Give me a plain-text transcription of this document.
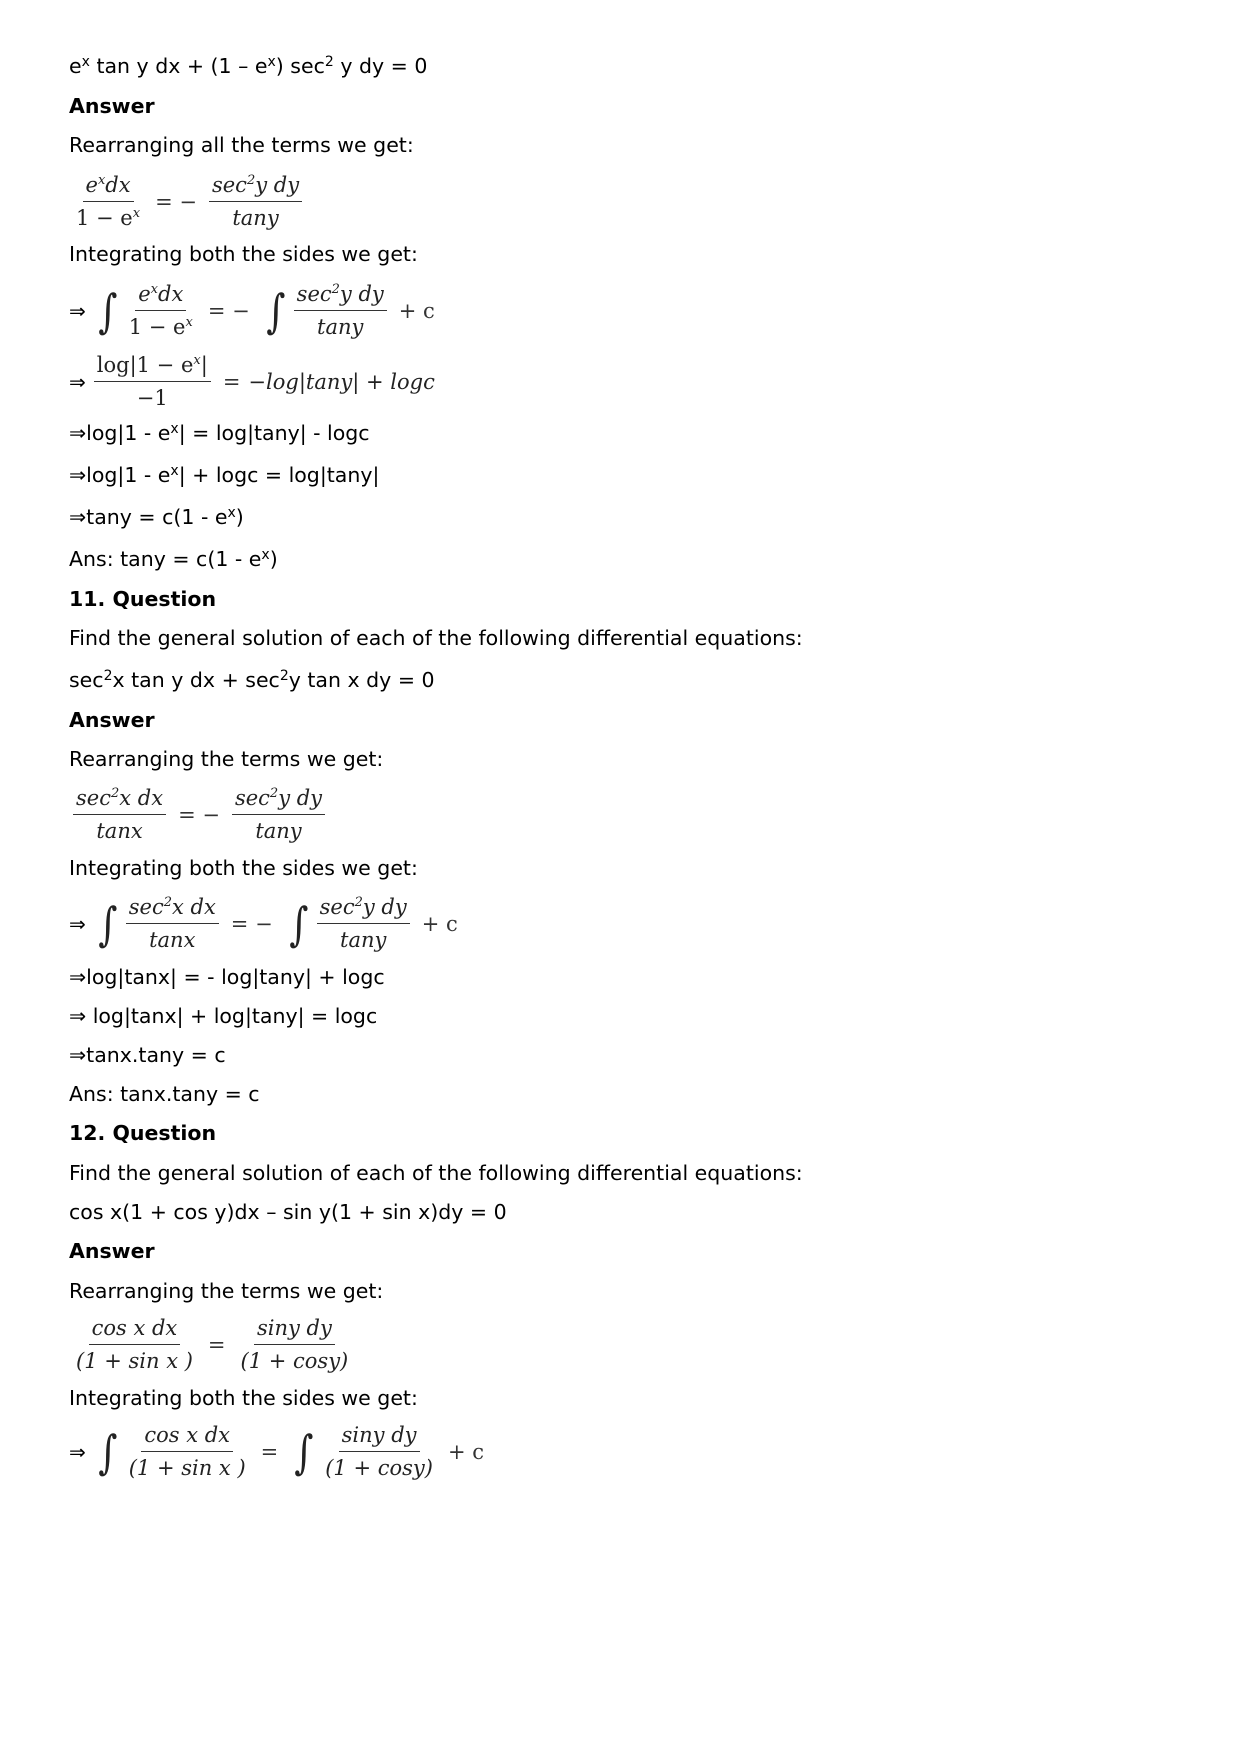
$e^x$ tan y dx + $(1 - e^x)$ $\sec^2 y$ dy = 0
Answer
Rearranging all the terms we get:
$\frac{e^xdx}{1 - e^x}$ = − $\frac{\sec^2y dy}{\tan y}$
Integrating both the sides we get:
⇒ ∫ $\frac{e^xdx}{1 - e^x}$ = − ∫ $\frac{\sec^2y dy}{\tan y} + c$
⇒ $\frac{\log|1 - e^x|}{-1} = -\log|\tan y| + \log c$
⇒log|1 - $e^x| = \log|\tan y| - \log c$
⇒log|1 - $e^x| + \log c = \log|\tan y|$
⇒tany = $c(1 - e^x)$
Ans: $\tan y = c(1 - e^x)$
11. Question
Find the general solution of each of the following differential equations:
$\sec^2x$ tan y dx + $\sec^2y$ tan x dy = 0
Answer
Rearranging the terms we get:
$\frac{\sec^2x dx}{\tan x}$ = − $\frac{\sec^2y dy}{\tan y}$
Integrating both the sides we get:
⇒ ∫ $\frac{\sec^2x dx}{\tan x}$ = − ∫ $\frac{\sec^2y dy}{\tan y} + c$
⇒log|tanx| = - log|tany| + logc
⇒ log|tanx| + log|tany| = logc
⇒tanx.tany = c
Ans: tanx.tany = c
12. Question
Find the general solution of each of the following differential equations:
cos x(1 + cos y)dx – sin y(1 + sin x)dy = 0
Answer
Rearranging the terms we get:
$\frac{\text{cos x dx}}{\text{(1 + sin x )}} = \frac{\text{siny dy}}{(1 + \cos y)}$
Integrating both the sides we get:
⇒ ∫ $\frac{\text{cos x dx}}{\text{(1 + sin x )}}$ = ∫ $\frac{\text{siny dy}}{(1 + \cos y)} + c$
